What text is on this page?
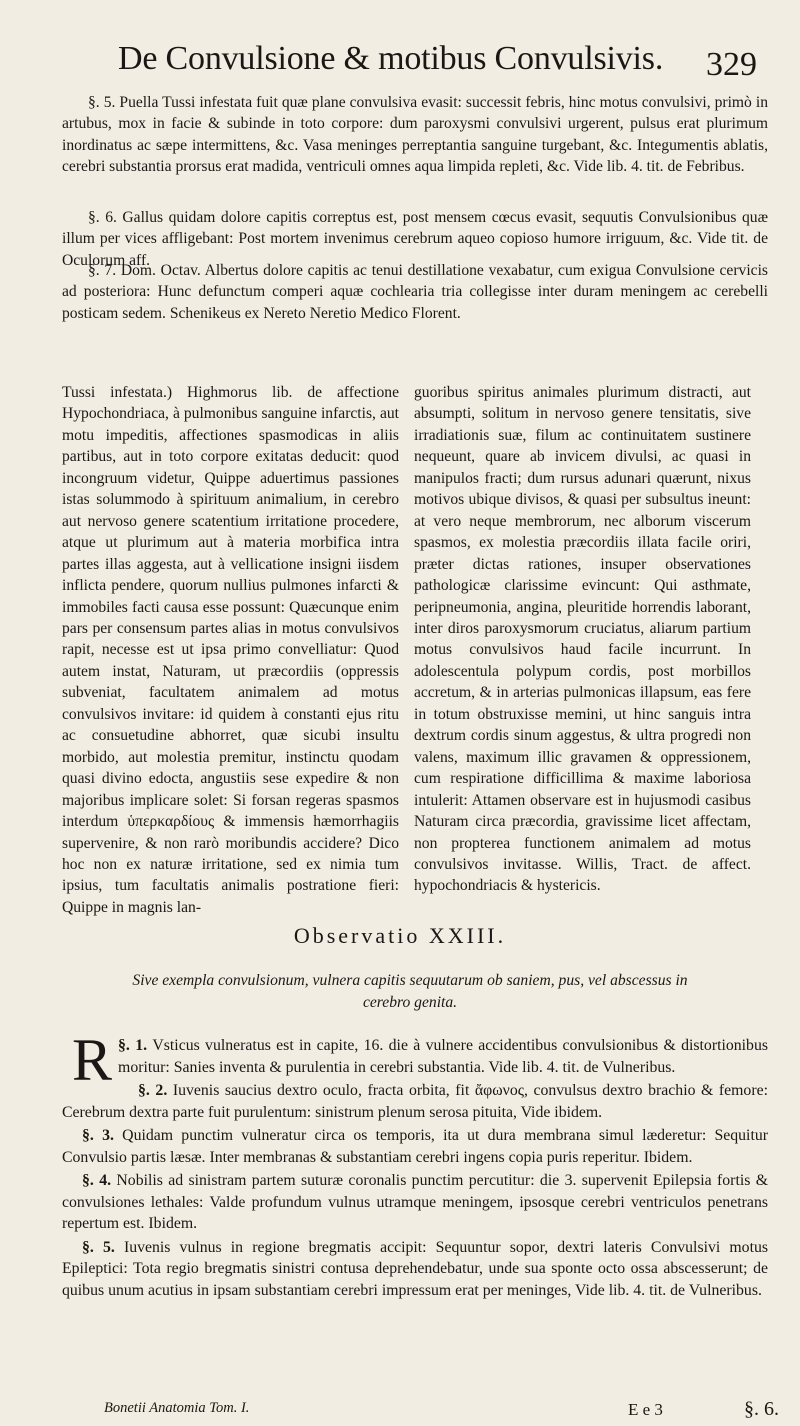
De Convulsione & motibus Convulsivis.	329

§. 5. Puella Tussi infestata fuit quæ plane convulsiva evasit: successit febris, hinc motus convulsivi, primò in artubus, mox in facie & subinde in toto corpore: dum paroxysmi convulsivi urgerent, pulsus erat plurimum inordinatus ac sæpe intermittens, &c. Vasa meninges perreptantia sanguine turgebant, &c. Integumentis ablatis, cerebri substantia prorsus erat madida, ventriculi omnes aqua limpida repleti, &c. Vide lib. 4. tit. de Febribus.

§. 6. Gallus quidam dolore capitis correptus est, post mensem cœcus evasit, sequutis Convulsionibus quæ illum per vices affligebant: Post mortem invenimus cerebrum aqueo copioso humore irriguum, &c. Vide tit. de Oculorum aff.

§. 7. Dom. Octav. Albertus dolore capitis ac tenui destillatione vexabatur, cum exigua Convulsione cervicis ad posteriora: Hunc defunctum comperi aquæ cochlearia tria collegisse inter duram meningem ac cerebelli posticam sedem. Schenikeus ex Nereto Neretio Medico Florent.

Tussi infestata.) Highmorus lib. de affectione Hypochondriaca, à pulmonibus sanguine infarctis, aut motu impeditis, affectiones spasmodicas in aliis partibus, aut in toto corpore exitatas deducit: quod incongruum videtur, Quippe aduertimus passiones istas solummodo à spirituum animalium, in cerebro aut nervoso genere scatentium irritatione procedere, atque ut plurimum aut à materia morbifica intra partes illas aggesta, aut à vellicatione insigni iisdem inflicta pendere, quorum nullius pulmones infarcti & immobiles facti causa esse possunt: Quæcunque enim pars per consensum partes alias in motus convulsivos rapit, necesse est ut ipsa primo convelliatur: Quod autem instat, Naturam, ut præcordiis (oppressis subveniat, facultatem animalem ad motus convulsivos invitare: id quidem à constanti ejus ritu ac consuetudine abhorret, quæ sicubi insultu morbido, aut molestia premitur, instinctu quodam quasi divino edocta, angustiis sese expedire & non majoribus implicare solet: Si forsan regeras spasmos interdum ὑπερκαρδίους & immensis hæmorrhagiis supervenire, & non rarò moribundis accidere? Dico hoc non ex naturæ irritatione, sed ex nimia tum ipsius, tum facultatis animalis postratione fieri: Quippe in magnis lan-

guoribus spiritus animales plurimum distracti, aut absumpti, solitum in nervoso genere tensitatis, sive irradiationis suæ, filum ac continuitatem sustinere nequeunt, quare ab invicem divulsi, ac quasi in manipulos fracti; dum rursus adunari quærunt, nixus motivos ubique divisos, & quasi per subsultus ineunt: at vero neque membrorum, nec alborum viscerum spasmos, ex molestia præcordiis illata facile oriri, præter dictas rationes, insuper observationes pathologicæ clarissime evincunt: Qui asthmate, peripneumonia, angina, pleuritide horrendis laborant, inter diros paroxysmorum cruciatus, aliarum partium motus convulsivos haud facile incurrunt. In adolescentula polypum cordis, post morbillos accretum, & in arterias pulmonicas illapsum, eas fere in totum obstruxisse memini, ut hinc sanguis intra dextrum cordis sinum aggestus, & ultra progredi non valens, maximum illic gravamen & oppressionem, cum respiratione difficillima & maxime laboriosa intulerit: Attamen observare est in hujusmodi casibus Naturam circa præcordia, gravissime licet affectam, non propterea functionem animalem ad motus convulsivos invitasse. Willis, Tract. de affect. hypochondriacis & hystericis.

Observatio XXIII.
Sive exempla convulsionum, vulnera capitis sequutarum ob saniem, pus, vel abscessus in cerebro genita.

§. 1.
R	Vsticus vulneratus est in capite, 16. die à vulnere accidentibus convulsionibus & distortionibus moritur: Sanies inventa & purulentia in cerebri substantia. Vide lib. 4. tit. de Vulneribus.

§. 2. Iuvenis saucius dextro oculo, fracta orbita, fit ἄφωνος, convulsus dextro brachio & femore: Cerebrum dextra parte fuit purulentum: sinistrum plenum serosa pituita, Vide ibidem.

§. 3. Quidam punctim vulneratur circa os temporis, ita ut dura membrana simul læderetur: Sequitur Convulsio partis læsæ. Inter membranas & substantiam cerebri ingens copia puris reperitur. Ibidem.

§. 4. Nobilis ad sinistram partem suturæ coronalis punctim percutitur: die 3. supervenit Epilepsia fortis & convulsiones lethales: Valde profundum vulnus utramque meningem, ipsosque cerebri ventriculos penetrans repertum est. Ibidem.

§. 5. Iuvenis vulnus in regione bregmatis accipit: Sequuntur sopor, dextri lateris Convulsivi motus Epileptici: Tota regio bregmatis sinistri contusa deprehendebatur, unde sua sponte octo ossa abscesserunt; de quibus unum acutius in ipsam substantiam cerebri impressum erat per meninges, Vide lib. 4. tit. de Vulneribus.

Bonetii Anatomia Tom. I.	E e 3	§. 6.
